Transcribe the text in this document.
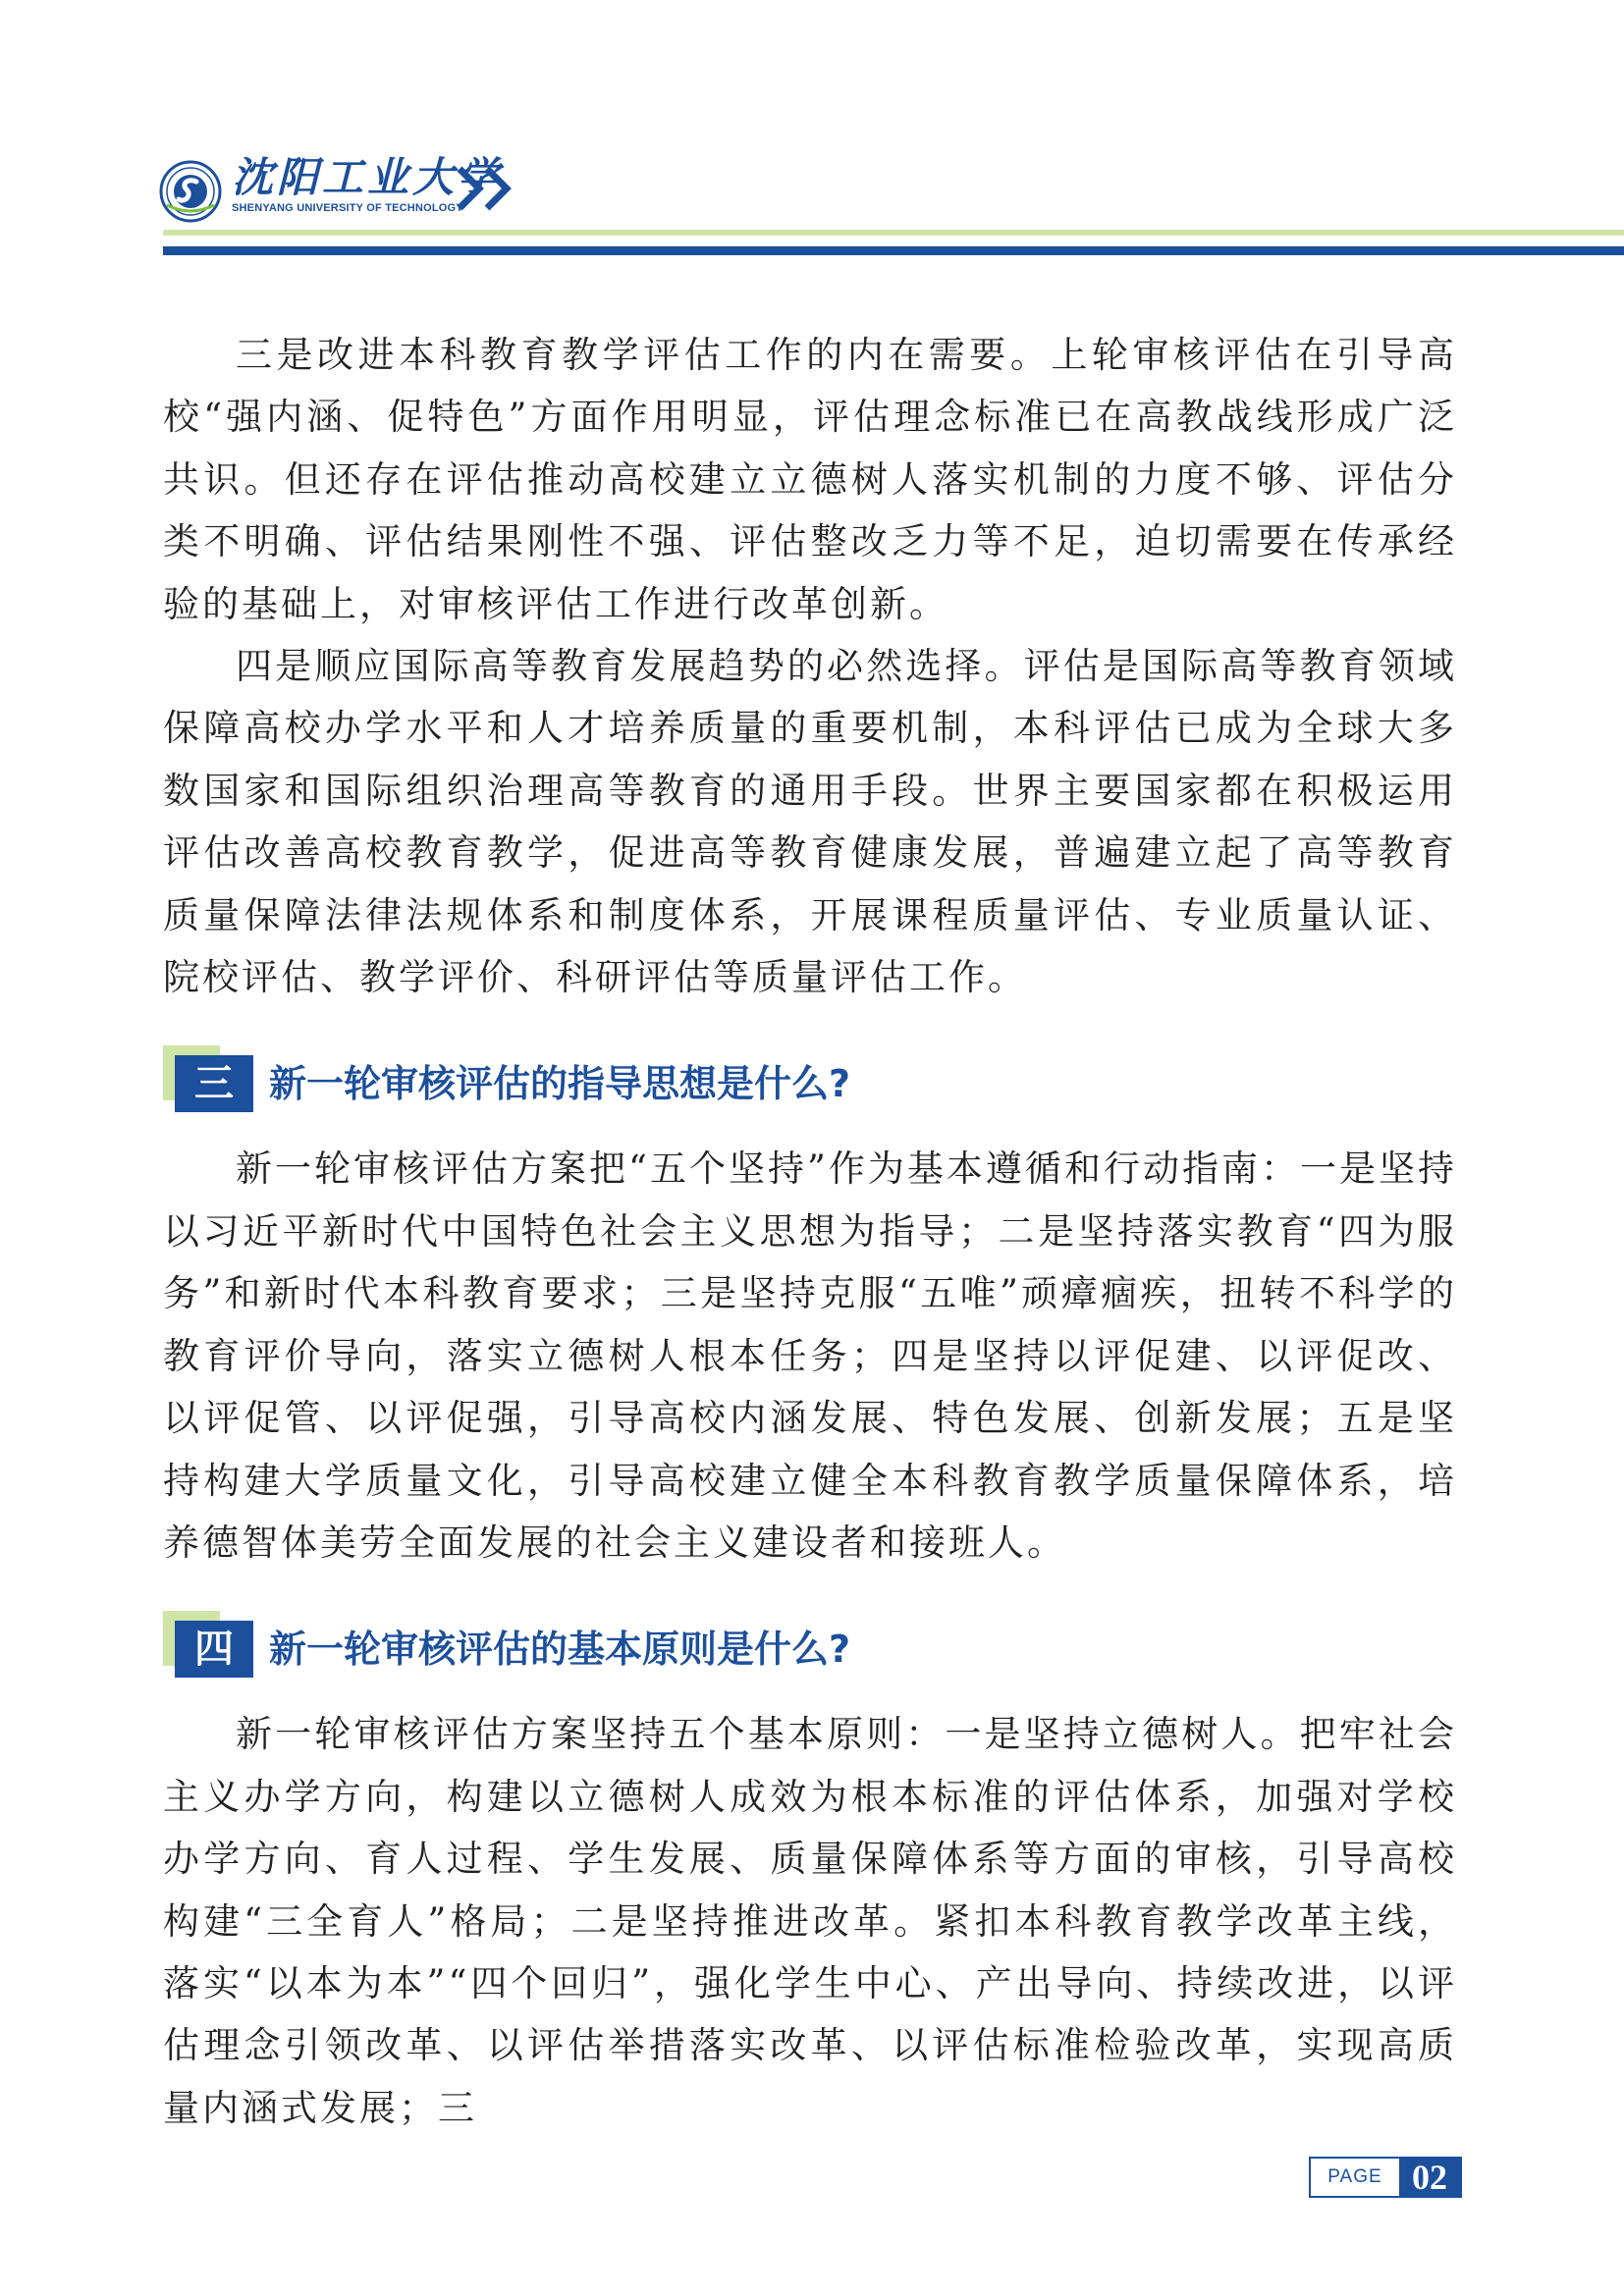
沈阳工业大学
SHENYANG UNIVERSITY OF TECHNOLOGY

三是改进本科教育教学评估工作的内在需要。上轮审核评估在引导高校“强内涵、促特色”方面作用明显，评估理念标准已在高教战线形成广泛共识。但还存在评估推动高校建立立德树人落实机制的力度不够、评估分类不明确、评估结果刚性不强、评估整改乏力等不足，迫切需要在传承经验的基础上，对审核评估工作进行改革创新。

四是顺应国际高等教育发展趋势的必然选择。评估是国际高等教育领域保障高校办学水平和人才培养质量的重要机制，本科评估已成为全球大多数国家和国际组织治理高等教育的通用手段。世界主要国家都在积极运用评估改善高校教育教学，促进高等教育健康发展，普遍建立起了高等教育质量保障法律法规体系和制度体系，开展课程质量评估、专业质量认证、院校评估、教学评价、科研评估等质量评估工作。

三 新一轮审核评估的指导思想是什么?

新一轮审核评估方案把“五个坚持”作为基本遵循和行动指南：一是坚持以习近平新时代中国特色社会主义思想为指导；二是坚持落实教育“四为服务”和新时代本科教育要求；三是坚持克服“五唯”顽瘴痼疾，扭转不科学的教育评价导向，落实立德树人根本任务；四是坚持以评促建、以评促改、以评促管、以评促强，引导高校内涵发展、特色发展、创新发展；五是坚持构建大学质量文化，引导高校建立健全本科教育教学质量保障体系，培养德智体美劳全面发展的社会主义建设者和接班人。

四 新一轮审核评估的基本原则是什么?

新一轮审核评估方案坚持五个基本原则：一是坚持立德树人。把牢社会主义办学方向，构建以立德树人成效为根本标准的评估体系，加强对学校办学方向、育人过程、学生发展、质量保障体系等方面的审核，引导高校构建“三全育人”格局；二是坚持推进改革。紧扣本科教育教学改革主线，落实“以本为本”“四个回归”，强化学生中心、产出导向、持续改进，以评估理念引领改革、以评估举措落实改革、以评估标准检验改革，实现高质量内涵式发展；三

PAGE 02
